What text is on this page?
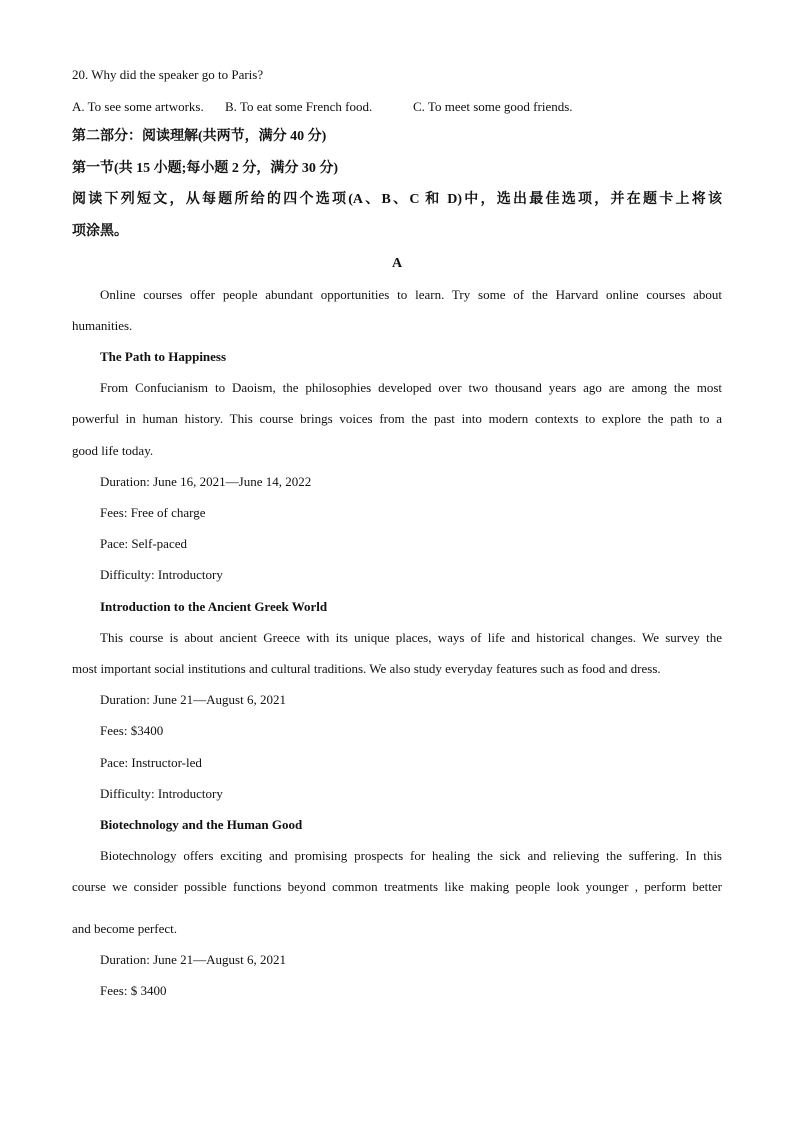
20. Why did the speaker go to Paris?
A. To see some artworks. B. To eat some French food.	C. To meet some good friends.
第二部分：阅读理解(共两节，满分 40 分)
第一节(共 15 小题;每小题 2 分，满分 30 分)
阅读下列短文，从每题所给的四个选项(A、B、C 和 D)中，选出最佳选项，并在题卡上将该
项涂黑。
A
Online courses offer people abundant opportunities to learn. Try some of the Harvard online courses about
humanities.
The Path to Happiness
From Confucianism to Daoism, the philosophies developed over two thousand years ago are among the most
powerful in human history. This course brings voices from the past into modern contexts to explore the path to a
good life today.
Duration: June 16, 2021—June 14, 2022
Fees: Free of charge
Pace: Self-paced
Difficulty: Introductory
Introduction to the Ancient Greek World
This course is about ancient Greece with its unique places, ways of life and historical changes. We survey the
most important social institutions and cultural traditions. We also study everyday features such as food and dress.
Duration: June 21—August 6, 2021
Fees: $3400
Pace: Instructor-led
Difficulty: Introductory
Biotechnology and the Human Good
Biotechnology offers exciting and promising prospects for healing the sick and relieving the suffering. In this
course we consider possible functions beyond common treatments like making people look younger , perform better
and become perfect.
Duration: June 21—August 6, 2021
Fees: $ 3400
